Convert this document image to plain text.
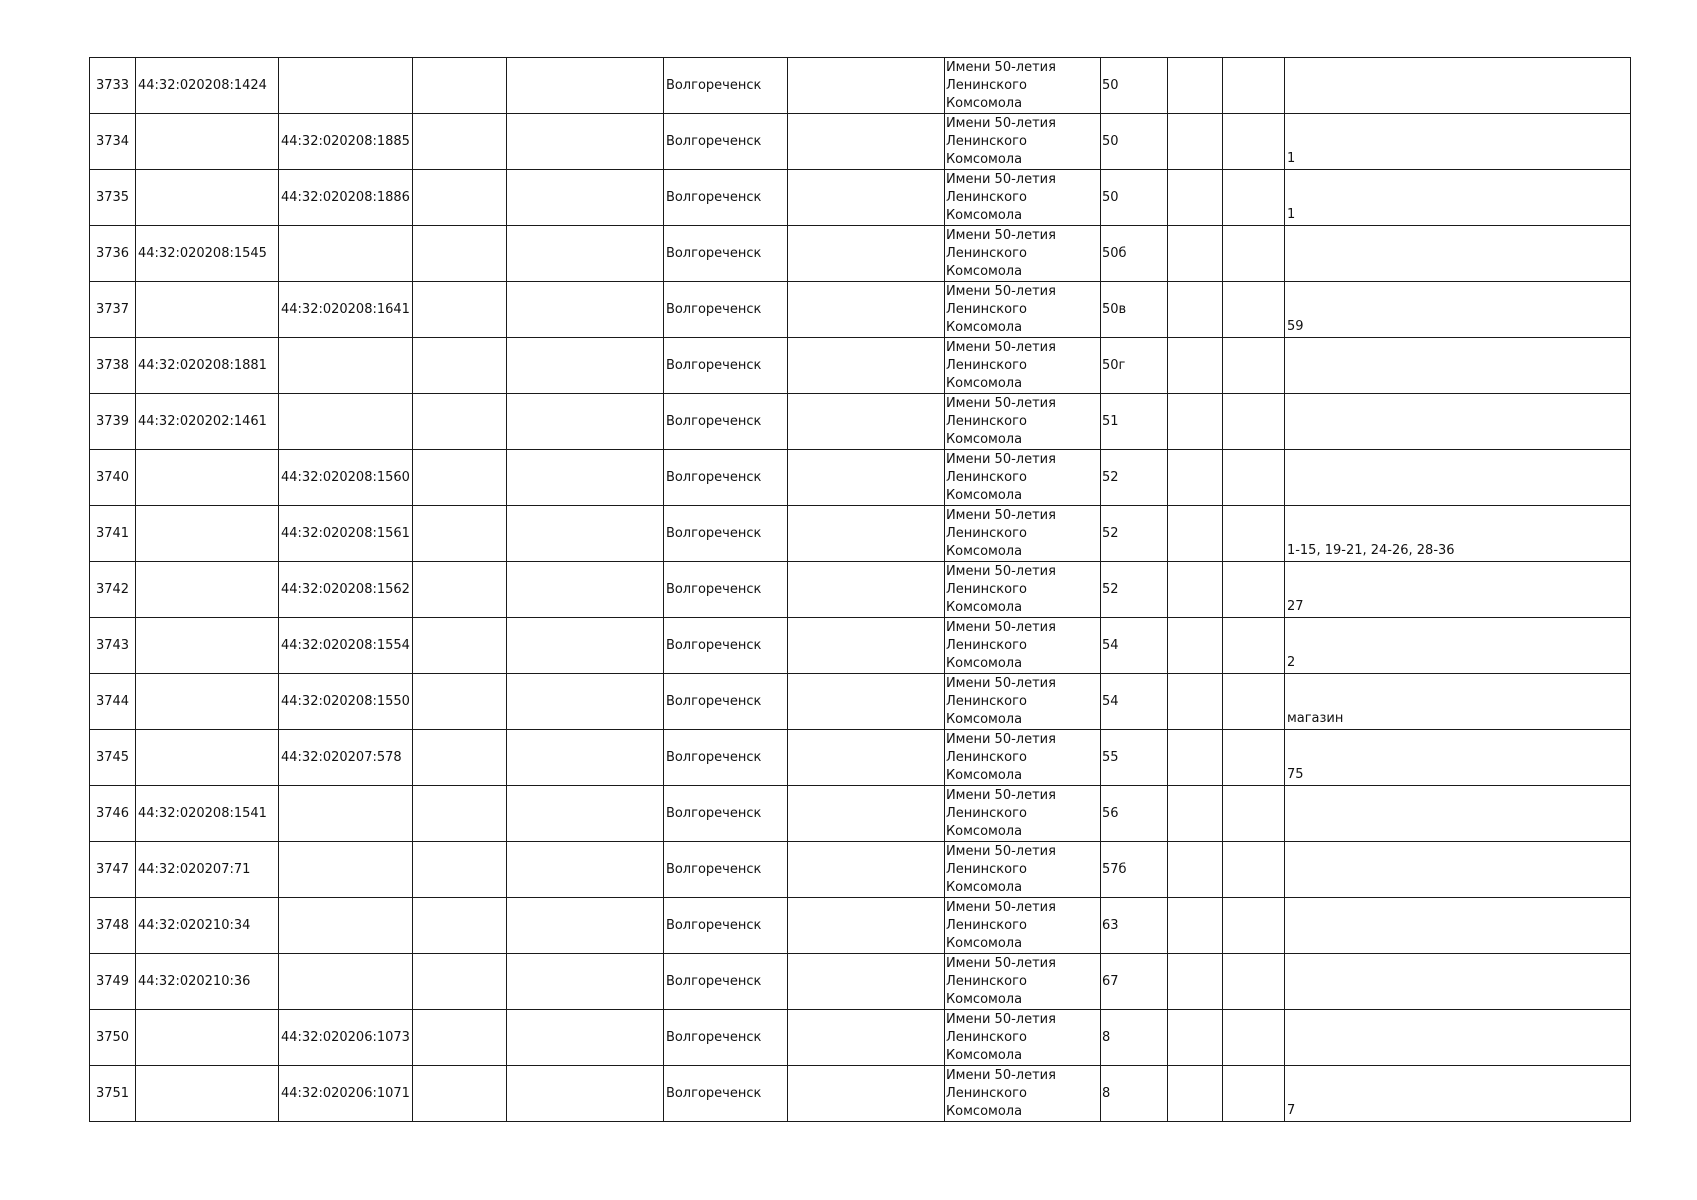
3733	44:32:020208:1424				Волгореченск		Имени 50-летия Ленинского Комсомола	50			
3734		44:32:020208:1885			Волгореченск		Имени 50-летия Ленинского Комсомола	50			1
3735		44:32:020208:1886			Волгореченск		Имени 50-летия Ленинского Комсомола	50			1
3736	44:32:020208:1545				Волгореченск		Имени 50-летия Ленинского Комсомола	50б			
3737		44:32:020208:1641			Волгореченск		Имени 50-летия Ленинского Комсомола	50в			59
3738	44:32:020208:1881				Волгореченск		Имени 50-летия Ленинского Комсомола	50г			
3739	44:32:020202:1461				Волгореченск		Имени 50-летия Ленинского Комсомола	51			
3740		44:32:020208:1560			Волгореченск		Имени 50-летия Ленинского Комсомола	52			
3741		44:32:020208:1561			Волгореченск		Имени 50-летия Ленинского Комсомола	52			1-15, 19-21, 24-26, 28-36
3742		44:32:020208:1562			Волгореченск		Имени 50-летия Ленинского Комсомола	52			27
3743		44:32:020208:1554			Волгореченск		Имени 50-летия Ленинского Комсомола	54			2
3744		44:32:020208:1550			Волгореченск		Имени 50-летия Ленинского Комсомола	54			магазин
3745		44:32:020207:578			Волгореченск		Имени 50-летия Ленинского Комсомола	55			75
3746	44:32:020208:1541				Волгореченск		Имени 50-летия Ленинского Комсомола	56			
3747	44:32:020207:71				Волгореченск		Имени 50-летия Ленинского Комсомола	57б			
3748	44:32:020210:34				Волгореченск		Имени 50-летия Ленинского Комсомола	63			
3749	44:32:020210:36				Волгореченск		Имени 50-летия Ленинского Комсомола	67			
3750		44:32:020206:1073			Волгореченск		Имени 50-летия Ленинского Комсомола	8			
3751		44:32:020206:1071			Волгореченск		Имени 50-летия Ленинского Комсомола	8			7
